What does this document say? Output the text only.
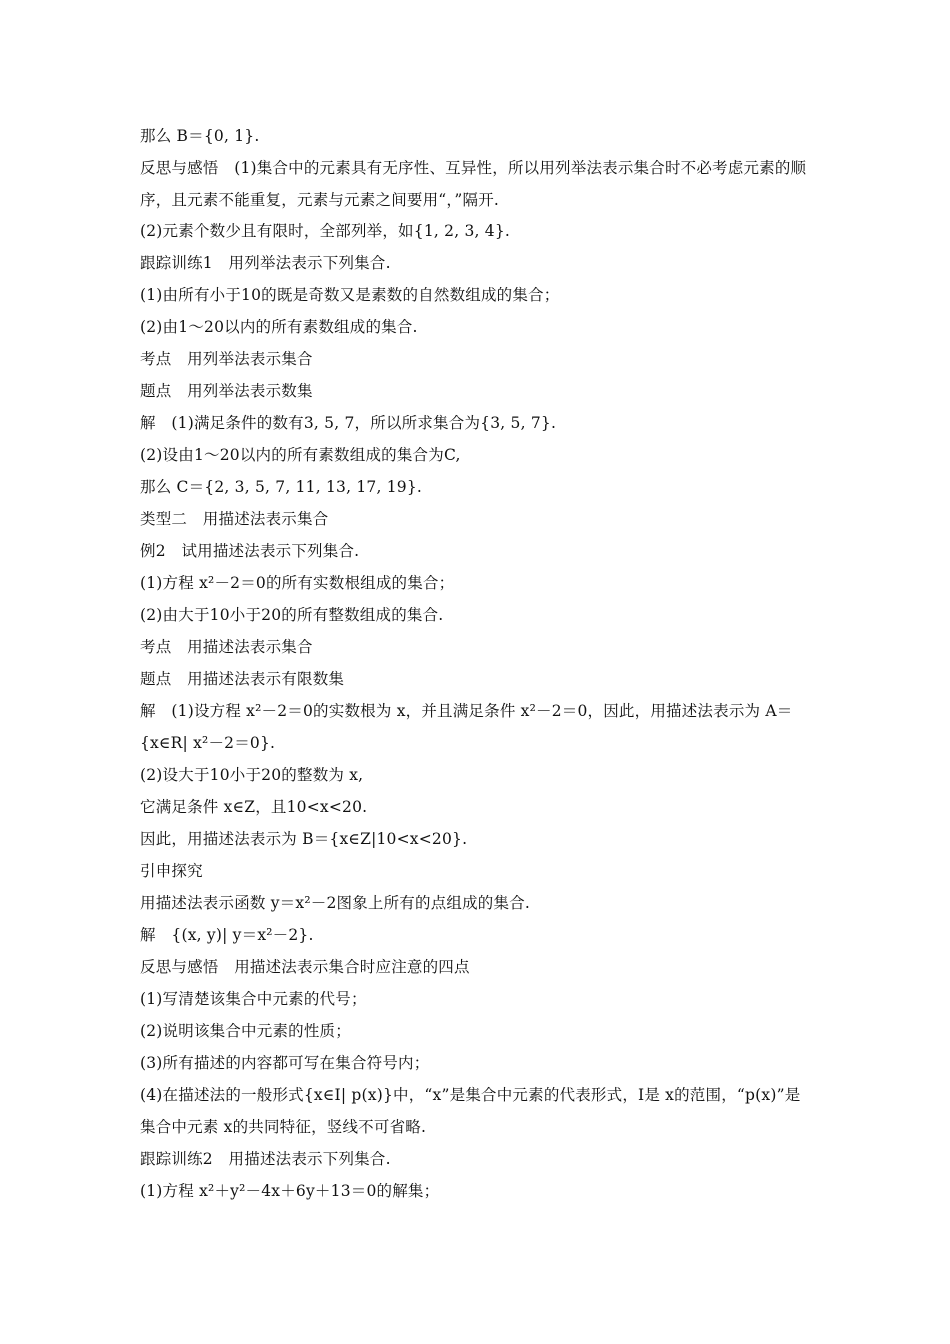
那么 B＝{0, 1}.
反思与感悟　(1)集合中的元素具有无序性、互异性，所以用列举法表示集合时不必考虑元素的顺序，且元素不能重复，元素与元素之间要用“，”隔开.
(2)元素个数少且有限时，全部列举，如{1, 2, 3, 4}.
跟踪训练1　用列举法表示下列集合.
(1)由所有小于10的既是奇数又是素数的自然数组成的集合；
(2)由1～20以内的所有素数组成的集合.
考点　用列举法表示集合
题点　用列举法表示数集
解　(1)满足条件的数有3, 5, 7，所以所求集合为{3, 5, 7}.
(2)设由1～20以内的所有素数组成的集合为C,
那么 C＝{2, 3, 5, 7, 11, 13, 17, 19}.
类型二　用描述法表示集合
例2　试用描述法表示下列集合.
(1)方程 x²－2＝0的所有实数根组成的集合；
(2)由大于10小于20的所有整数组成的集合.
考点　用描述法表示集合
题点　用描述法表示有限数集
解　(1)设方程 x²－2＝0的实数根为 x，并且满足条件 x²－2＝0，因此，用描述法表示为 A＝{x∈R| x²－2＝0}.
(2)设大于10小于20的整数为 x,
它满足条件 x∈Z，且10<x<20.
因此，用描述法表示为 B＝{x∈Z|10<x<20}.
引申探究
用描述法表示函数 y＝x²－2图象上所有的点组成的集合.
解　{(x, y)| y＝x²－2}.
反思与感悟　用描述法表示集合时应注意的四点
(1)写清楚该集合中元素的代号；
(2)说明该集合中元素的性质；
(3)所有描述的内容都可写在集合符号内；
(4)在描述法的一般形式{x∈I| p(x)}中，“x”是集合中元素的代表形式，I是 x的范围，“p(x)”是集合中元素 x的共同特征，竖线不可省略.
跟踪训练2　用描述法表示下列集合.
(1)方程 x²＋y²－4x＋6y＋13＝0的解集；
